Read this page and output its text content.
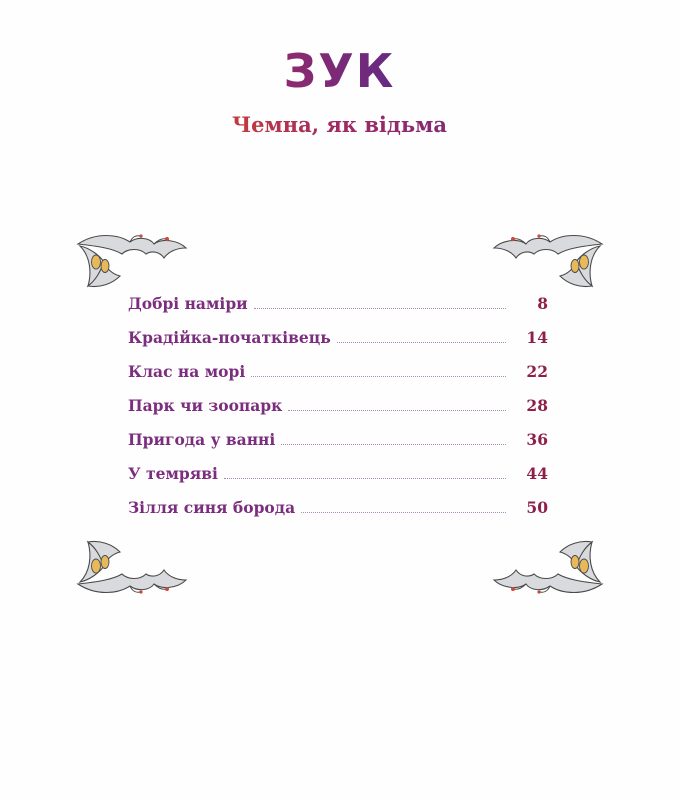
ЗУК
Чемна, як відьма
Добрі наміри	8
Крадійка-початківець	14
Клас на морі	22
Парк чи зоопарк	28
Пригода у ванні	36
У темряві	44
Зілля синя борода	50
